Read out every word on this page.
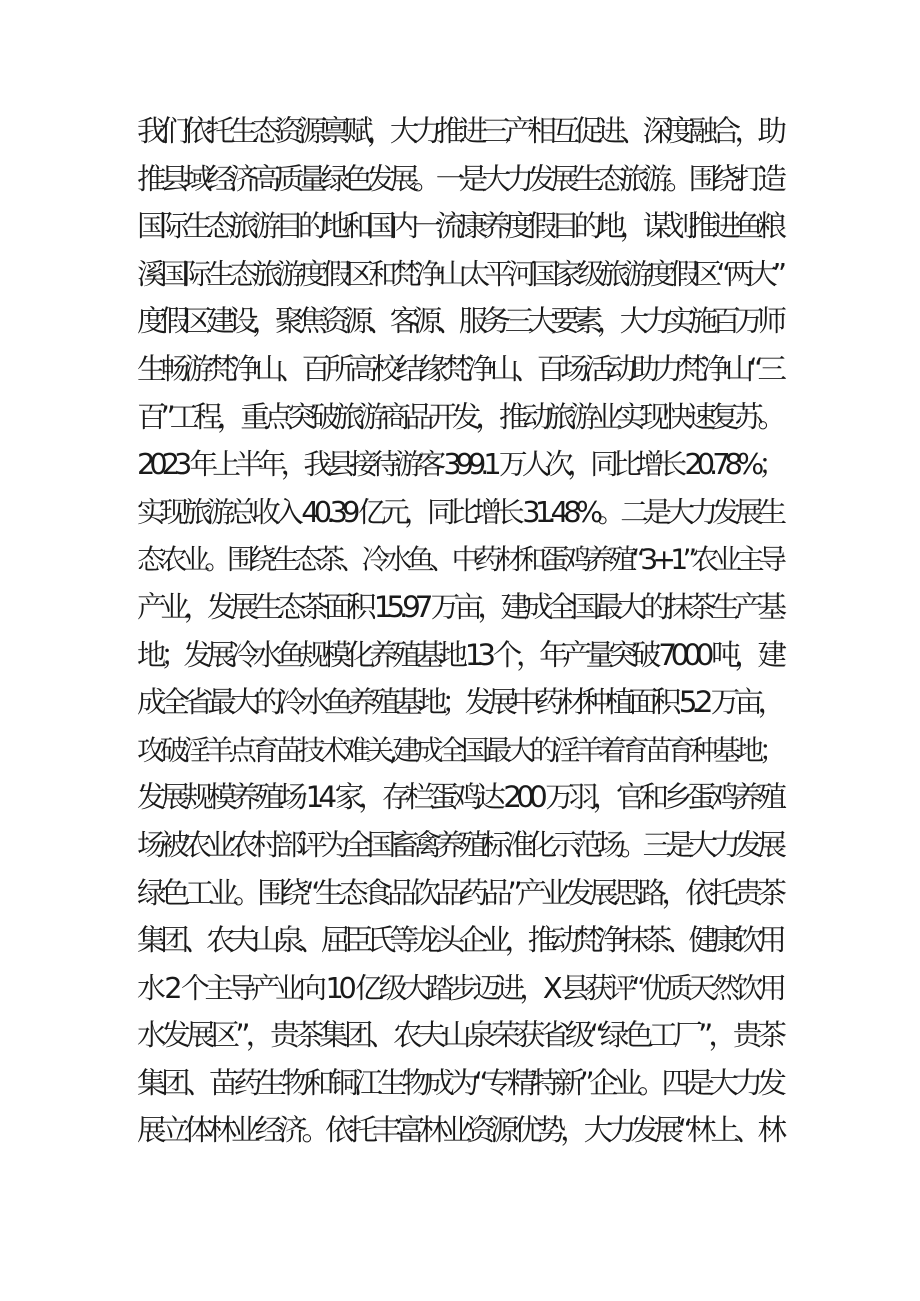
我们依托生态资源禀赋，大力推进三产相互促进、深度融合，助
推县域经济高质量绿色发展。一是大力发展生态旅游。围绕打造
国际生态旅游目的地和国内一流康养度假目的地，谋划推进鱼粮
溪国际生态旅游度假区和梵净山太平河国家级旅游度假区“两大”
度假区建设，聚焦资源、客源、服务三大要素，大力实施百万师
生畅游梵净山、百所高校结缘梵净山、百场活动助力梵净山“三
百”工程，重点突破旅游商品开发，推动旅游业实现快速复苏。
2023 年上半年，我县接待游客 399.1 万人次，同比增长 20.78%；
实现旅游总收入 40.39 亿元，同比增长 31.48%。二是大力发展生
态农业。围绕生态茶、冷水鱼、中药材和蛋鸡养殖“3+1”农业主导
产业，发展生态茶面积 15.97 万亩，建成全国最大的抹茶生产基
地；发展冷水鱼规模化养殖基地 13 个，年产量突破 7000 吨，建
成全省最大的冷水鱼养殖基地；发展中药材种植面积 5.2 万亩，
攻破淫羊点育苗技术难关,建成全国最大的淫羊着育苗育种基地；
发展规模养殖场 14 家，存栏蛋鸡达 200 万羽，官和乡蛋鸡养殖
场被农业农村部评为全国畜禽养殖标准化示范场。三是大力发展
绿色工业。围绕“生态食品饮品药品”产业发展思路，依托贵茶
集团、农夫山泉、屈臣氏等龙头企业，推动梵净抹茶、健康饮用
水 2 个主导产业向 10 亿级大踏步迈进，X 县获评“优质天然饮用
水发展区”，贵茶集团、农夫山泉荣获省级“绿色工厂”，贵茶
集团、苗药生物和铜江生物成为“专精特新”企业。四是大力发
展立体林业经济。依托丰富林业资源优势，大力发展“林上、林
